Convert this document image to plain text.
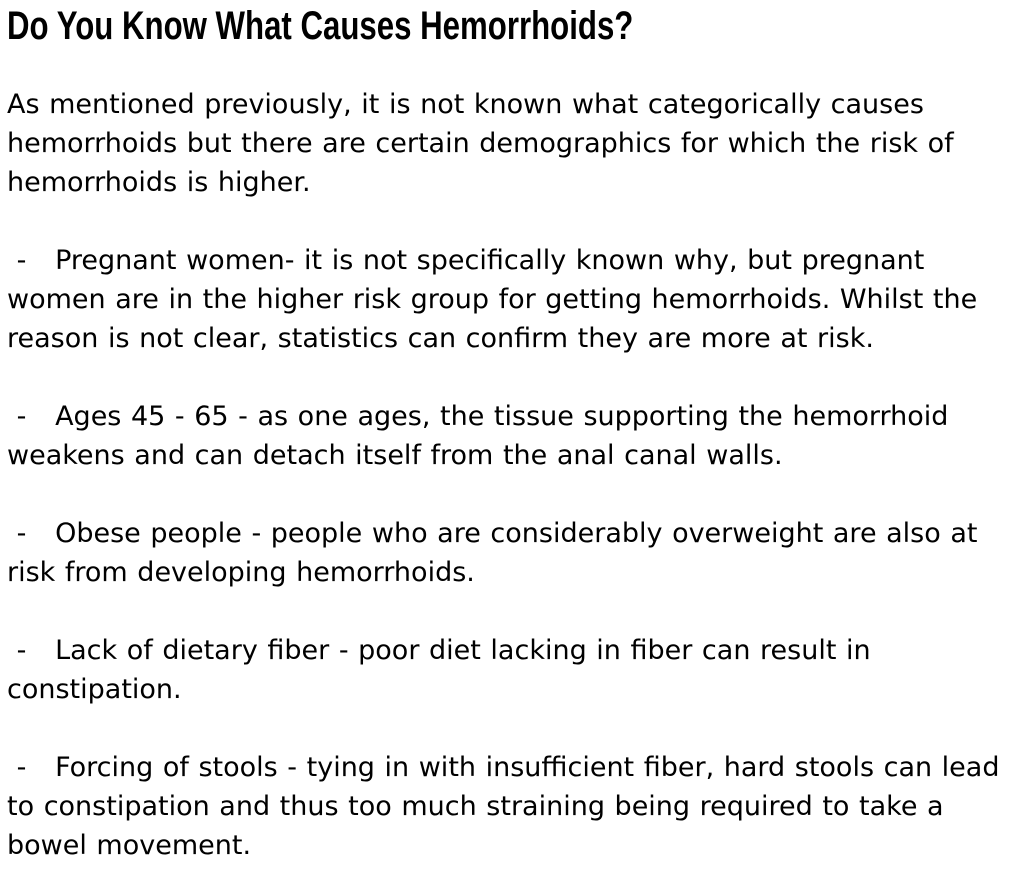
Do You Know What Causes Hemorrhoids?

As mentioned previously, it is not known what categorically causes hemorrhoids but there are certain demographics for which the risk of hemorrhoids is higher.

-   Pregnant women- it is not specifically known why, but pregnant women are in the higher risk group for getting hemorrhoids. Whilst the reason is not clear, statistics can confirm they are more at risk.

-   Ages 45 - 65 - as one ages, the tissue supporting the hemorrhoid weakens and can detach itself from the anal canal walls.

-   Obese people - people who are considerably overweight are also at risk from developing hemorrhoids.

-   Lack of dietary fiber - poor diet lacking in fiber can result in constipation.

-   Forcing of stools - tying in with insufficient fiber, hard stools can lead to constipation and thus too much straining being required to take a bowel movement.
